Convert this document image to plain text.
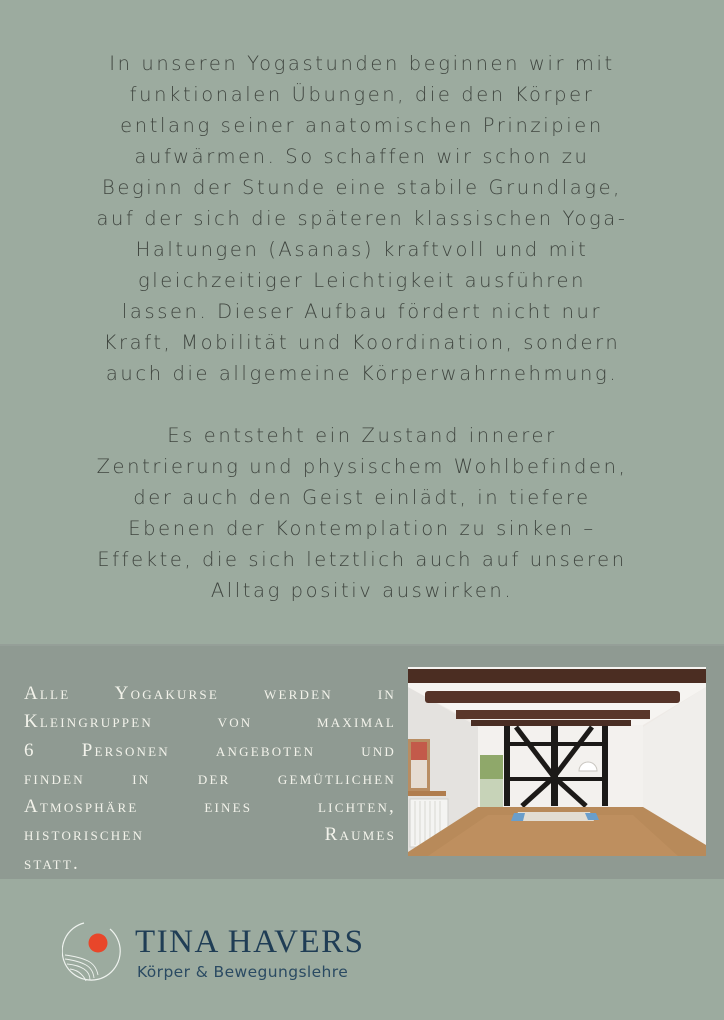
In unseren Yogastunden beginnen wir mit
funktionalen Übungen, die den Körper
entlang seiner anatomischen Prinzipien
aufwärmen. So schaffen wir schon zu
Beginn der Stunde eine stabile Grundlage,
auf der sich die späteren klassischen Yoga-
Haltungen (Asanas) kraftvoll und mit
gleichzeitiger Leichtigkeit ausführen
lassen. Dieser Aufbau fördert nicht nur
Kraft, Mobilität und Koordination, sondern
auch die allgemeine Körperwahrnehmung.

Es entsteht ein Zustand innerer
Zentrierung und physischem Wohlbefinden,
der auch den Geist einlädt, in tiefere
Ebenen der Kontemplation zu sinken –
Effekte, die sich letztlich auch auf unseren
Alltag positiv auswirken.

Alle Yogakurse werden in
Kleingruppen von maximal
6 Personen angeboten und
finden in der gemütlichen
Atmosphäre eines lichten,
historischen Raumes
statt.
TINA HAVERS
Körper & Bewegungslehre
